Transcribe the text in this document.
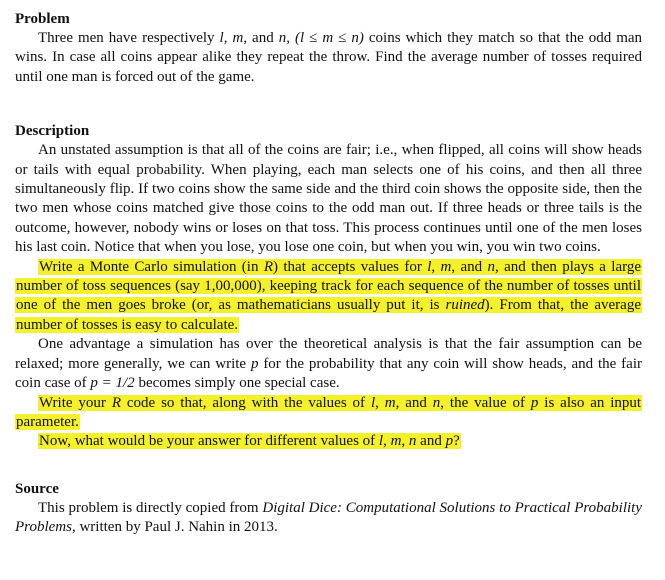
Problem

Three men have respectively l, m, and n, (l ≤ m ≤ n) coins which they match so that the odd man wins. In case all coins appear alike they repeat the throw. Find the average number of tosses required until one man is forced out of the game.

Description

An unstated assumption is that all of the coins are fair; i.e., when flipped, all coins will show heads or tails with equal probability. When playing, each man selects one of his coins, and then all three simultaneously flip. If two coins show the same side and the third coin shows the opposite side, then the two men whose coins matched give those coins to the odd man out. If three heads or three tails is the outcome, however, nobody wins or loses on that toss. This process continues until one of the men loses his last coin. Notice that when you lose, you lose one coin, but when you win, you win two coins.

Write a Monte Carlo simulation (in R) that accepts values for l, m, and n, and then plays a large number of toss sequences (say 1,00,000), keeping track for each sequence of the number of tosses until one of the men goes broke (or, as mathematicians usually put it, is ruined). From that, the average number of tosses is easy to calculate.

One advantage a simulation has over the theoretical analysis is that the fair assumption can be relaxed; more generally, we can write p for the probability that any coin will show heads, and the fair coin case of p = 1/2 becomes simply one special case.

Write your R code so that, along with the values of l, m, and n, the value of p is also an input parameter.

Now, what would be your answer for different values of l, m, n and p?

Source

This problem is directly copied from Digital Dice: Computational Solutions to Practical Probability Problems, written by Paul J. Nahin in 2013.
